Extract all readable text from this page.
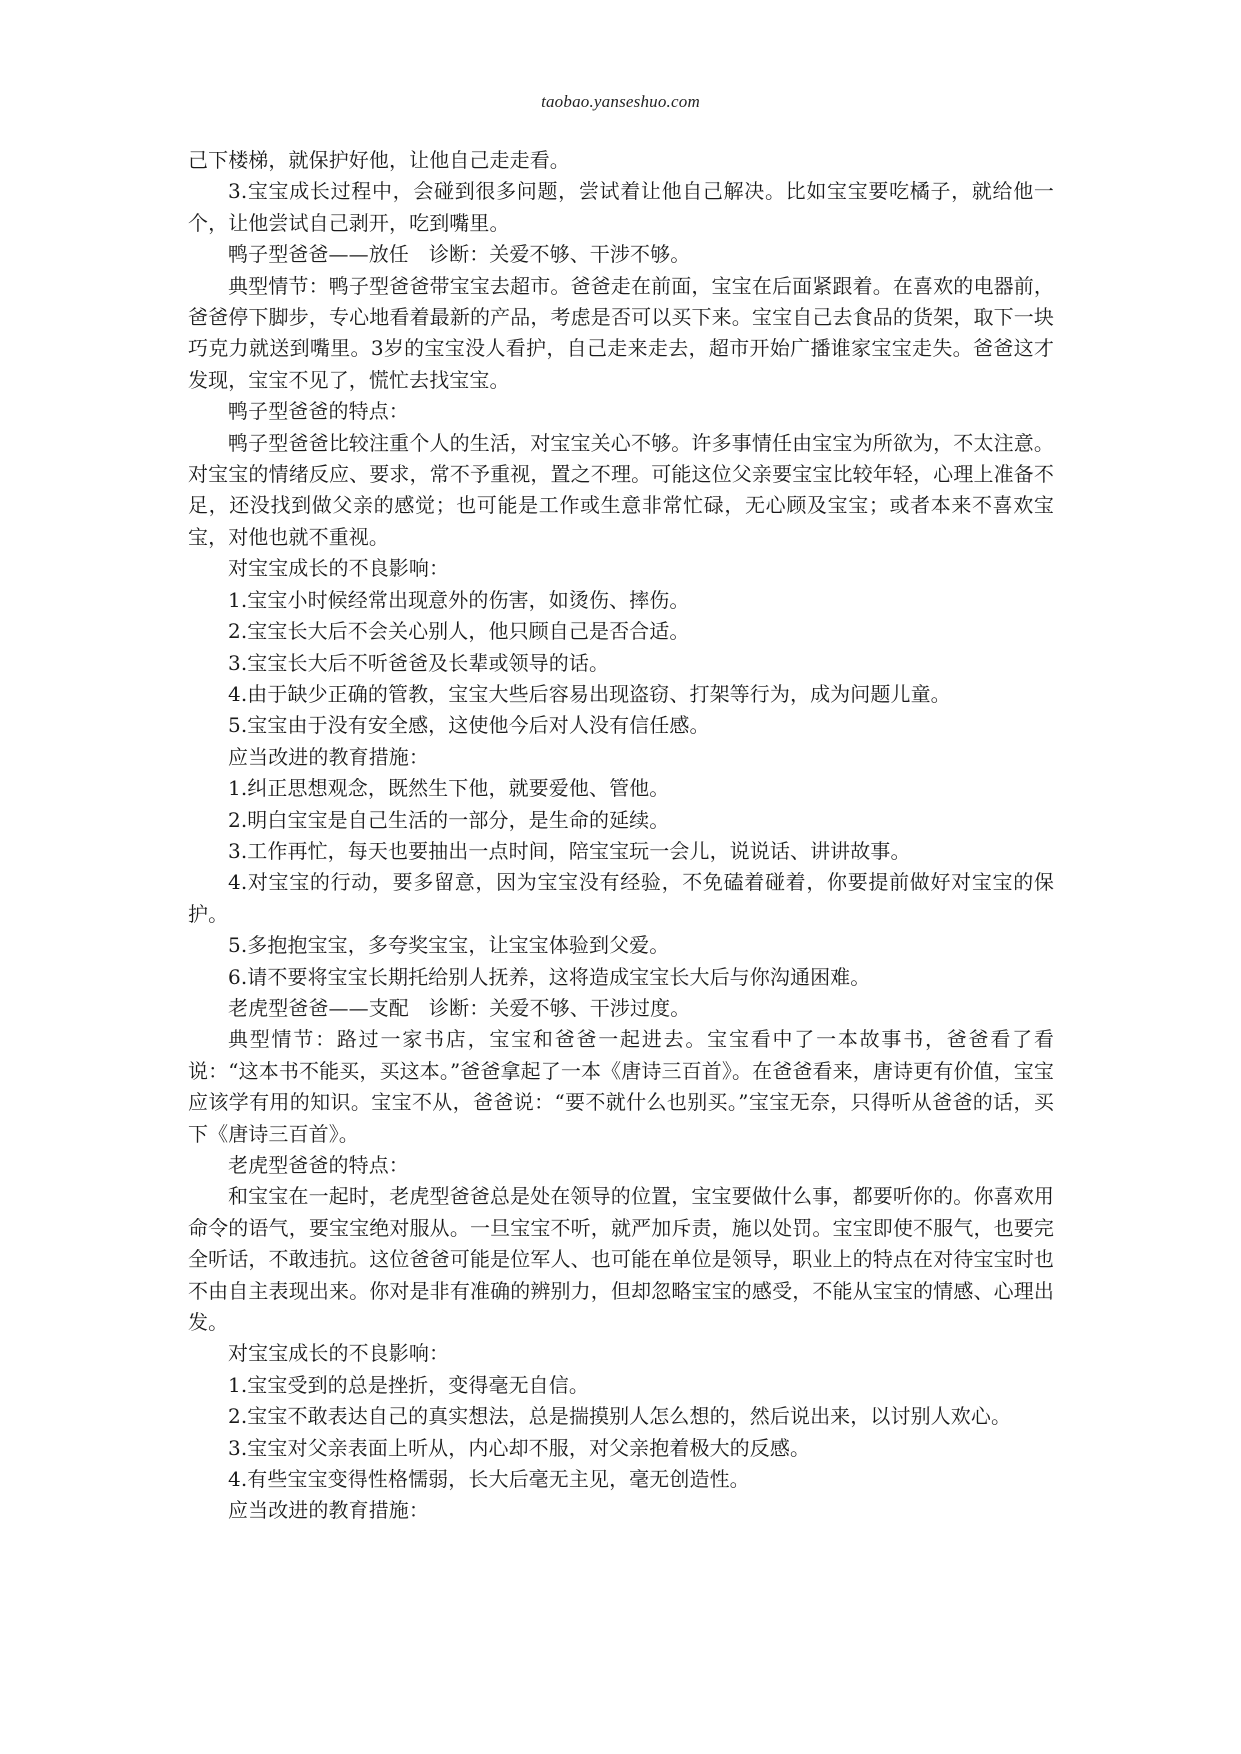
taobao.yanseshuo.com

己下楼梯，就保护好他，让他自己走走看。

3.宝宝成长过程中，会碰到很多问题，尝试着让他自己解决。比如宝宝要吃橘子，就给他一个，让他尝试自己剥开，吃到嘴里。

鸭子型爸爸——放任　诊断：关爱不够、干涉不够。

典型情节：鸭子型爸爸带宝宝去超市。爸爸走在前面，宝宝在后面紧跟着。在喜欢的电器前，爸爸停下脚步，专心地看着最新的产品，考虑是否可以买下来。宝宝自己去食品的货架，取下一块巧克力就送到嘴里。3岁的宝宝没人看护，自己走来走去，超市开始广播谁家宝宝走失。爸爸这才发现，宝宝不见了，慌忙去找宝宝。

鸭子型爸爸的特点：

鸭子型爸爸比较注重个人的生活，对宝宝关心不够。许多事情任由宝宝为所欲为，不太注意。对宝宝的情绪反应、要求，常不予重视，置之不理。可能这位父亲要宝宝比较年轻，心理上准备不足，还没找到做父亲的感觉；也可能是工作或生意非常忙碌，无心顾及宝宝；或者本来不喜欢宝宝，对他也就不重视。

对宝宝成长的不良影响：

1.宝宝小时候经常出现意外的伤害，如烫伤、摔伤。

2.宝宝长大后不会关心别人，他只顾自己是否合适。

3.宝宝长大后不听爸爸及长辈或领导的话。

4.由于缺少正确的管教，宝宝大些后容易出现盗窃、打架等行为，成为问题儿童。

5.宝宝由于没有安全感，这使他今后对人没有信任感。

应当改进的教育措施：

1.纠正思想观念，既然生下他，就要爱他、管他。

2.明白宝宝是自己生活的一部分，是生命的延续。

3.工作再忙，每天也要抽出一点时间，陪宝宝玩一会儿，说说话、讲讲故事。

4.对宝宝的行动，要多留意，因为宝宝没有经验，不免磕着碰着，你要提前做好对宝宝的保护。

5.多抱抱宝宝，多夸奖宝宝，让宝宝体验到父爱。

6.请不要将宝宝长期托给别人抚养，这将造成宝宝长大后与你沟通困难。

老虎型爸爸——支配　诊断：关爱不够、干涉过度。

典型情节：路过一家书店，宝宝和爸爸一起进去。宝宝看中了一本故事书，爸爸看了看说：“这本书不能买，买这本。”爸爸拿起了一本《唐诗三百首》。在爸爸看来，唐诗更有价值，宝宝应该学有用的知识。宝宝不从，爸爸说：“要不就什么也别买。”宝宝无奈，只得听从爸爸的话，买下《唐诗三百首》。

老虎型爸爸的特点：

和宝宝在一起时，老虎型爸爸总是处在领导的位置，宝宝要做什么事，都要听你的。你喜欢用命令的语气，要宝宝绝对服从。一旦宝宝不听，就严加斥责，施以处罚。宝宝即使不服气，也要完全听话，不敢违抗。这位爸爸可能是位军人、也可能在单位是领导，职业上的特点在对待宝宝时也不由自主表现出来。你对是非有准确的辨别力，但却忽略宝宝的感受，不能从宝宝的情感、心理出发。

对宝宝成长的不良影响：

1.宝宝受到的总是挫折，变得毫无自信。

2.宝宝不敢表达自己的真实想法，总是揣摸别人怎么想的，然后说出来，以讨别人欢心。

3.宝宝对父亲表面上听从，内心却不服，对父亲抱着极大的反感。

4.有些宝宝变得性格懦弱，长大后毫无主见，毫无创造性。

应当改进的教育措施：
